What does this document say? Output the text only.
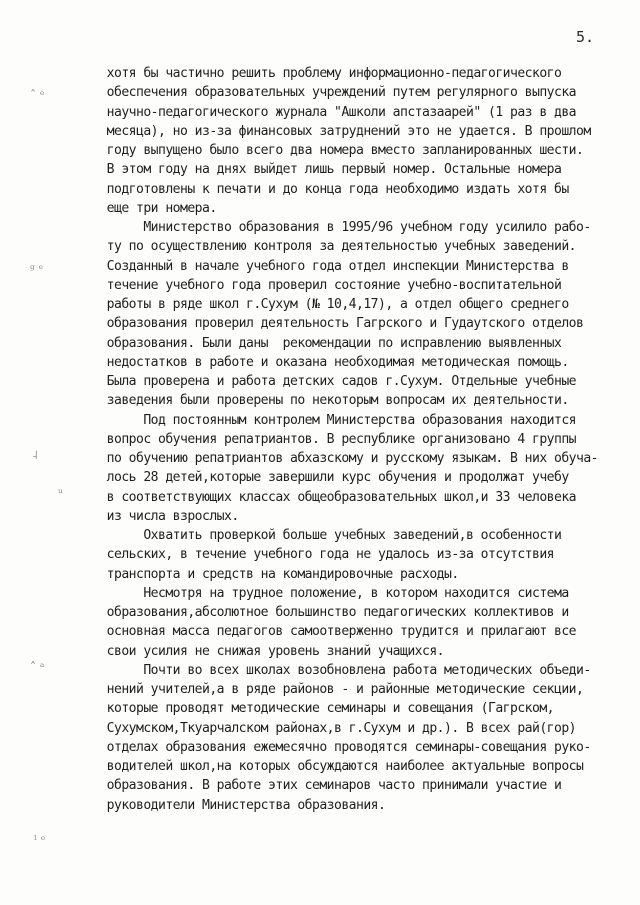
5.
ˆ ᵉ
ᵍ ᵉ
˨
ᵘ
˄ ᵃ
ˡ ᵉ
хотя бы частично решить проблему информационно-педагогического
обеспечения образовательных учреждений путем регулярного выпуска
научно-педагогического журнала "Ашколи апстазаарей" (1 раз в два
месяца), но из-за финансовых затруднений это не удается. В прошлом
году выпущено было всего два номера вместо запланированных шести.
В этом году на днях выйдет лишь первый номер. Остальные номера
подготовлены к печати и до конца года необходимо издать хотя бы
еще три номера.
Министерство образования в 1995/96 учебном году усилило рабо-
ту по осуществлению контроля за деятельностью учебных заведений.
Созданный в начале учебного года отдел инспекции Министерства в
течение учебного года проверил состояние учебно-воспитательной
работы в ряде школ г.Сухум (№ 10,4,17), а отдел общего среднего
образования проверил деятельность Гагрского и Гудаутского отделов
образования. Были даны  рекомендации по исправлению выявленных
недостатков в работе и оказана необходимая методическая помощь.
Была проверена и работа детских садов г.Сухум. Отдельные учебные
заведения были проверены по некоторым вопросам их деятельности.
Под постоянным контролем Министерства образования находится
вопрос обучения репатриантов. В республике организовано 4 группы
по обучению репатриантов абхазскому и русскому языкам. В них обуча-
лось 28 детей,которые завершили курс обучения и продолжат учебу
в соответствующих классах общеобразовательных школ,и 33 человека
из числа взрослых.
Охватить проверкой больше учебных заведений,в особенности
сельских, в течение учебного года не удалось из-за отсутствия
транспорта и средств на командировочные расходы.
Несмотря на трудное положение, в котором находится система
образования,абсолютное большинство педагогических коллективов и
основная масса педагогов самоотверженно трудится и прилагают все
свои усилия не снижая уровень знаний учащихся.
Почти во всех школах возобновлена работа методических объеди-
нений учителей,а в ряде районов - и районные методические секции,
которые проводят методические семинары и совещания (Гагрском,
Сухумском,Ткуарчалском районах,в г.Сухум и др.). В всех рай(гор)
отделах образования ежемесячно проводятся семинары-совещания руко-
водителей школ,на которых обсуждаются наиболее актуальные вопросы
образования. В работе этих семинаров часто принимали участие и
руководители Министерства образования.
